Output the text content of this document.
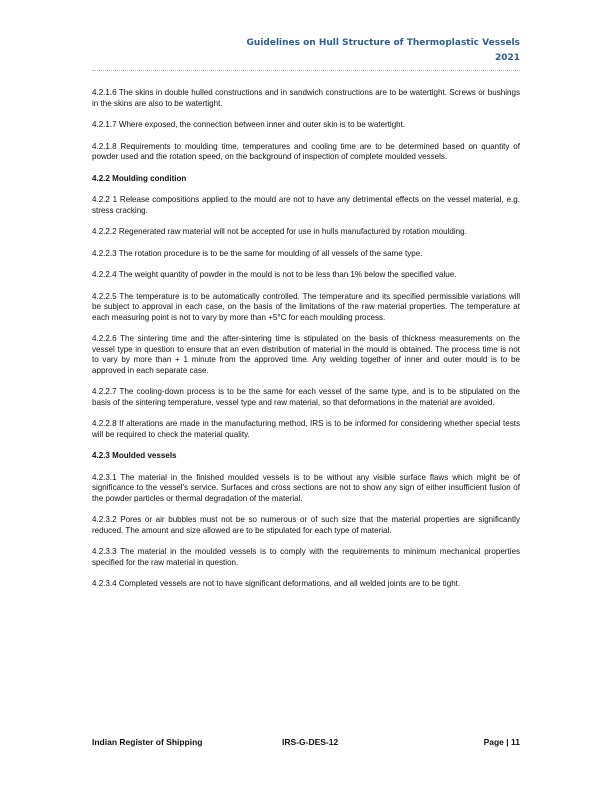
Guidelines on Hull Structure of Thermoplastic Vessels
2021

4.2.1.6 The skins in double hulled constructions and in sandwich constructions are to be watertight. Screws or bushings in the skins are also to be watertight.

4.2.1.7 Where exposed, the connection between inner and outer skin is to be watertight.

4.2.1.8 Requirements to moulding time, temperatures and cooling time are to be determined based on quantity of powder used and the rotation speed, on the background of inspection of complete moulded vessels.

4.2.2 Moulding condition

4.2.2 1 Release compositions applied to the mould are not to have any detrimental effects on the vessel material, e.g. stress cracking.

4.2.2.2 Regenerated raw material will not be accepted for use in hulls manufactured by rotation moulding.

4.2.2.3 The rotation procedure is to be the same for moulding of all vessels of the same type.

4.2.2.4 The weight quantity of powder in the mould is not to be less than 1% below the specified value.

4.2.2.5 The temperature is to be automatically controlled. The temperature and its specified permissible variations will be subject to approval in each case, on the basis of the limitations of the raw material properties. The temperature at each measuring point is not to vary by more than +5°C for each moulding process.

4.2.2.6 The sintering time and the after-sintering time is stipulated on the basis of thickness measurements on the vessel type in question to ensure that an even distribution of material in the mould is obtained. The process time is not to vary by more than + 1 minute from the approved time. Any welding together of inner and outer mould is to be approved in each separate case.

4.2.2.7 The cooling-down process is to be the same for each vessel of the same type, and is to be stipulated on the basis of the sintering temperature, vessel type and raw material, so that deformations in the material are avoided.

4.2.2.8 If alterations are made in the manufacturing method, IRS is to be informed for considering whether special tests will be required to check the material quality.

4.2.3 Moulded vessels

4.2.3.1 The material in the finished moulded vessels is to be without any visible surface flaws which might be of significance to the vessel's service. Surfaces and cross sections are not to show any sign of either insufficient fusion of the powder particles or thermal degradation of the material.

4.2.3.2 Pores or air bubbles must not be so numerous or of such size that the material properties are significantly reduced. The amount and size allowed are to be stipulated for each type of material.

4.2.3.3 The material in the moulded vessels is to comply with the requirements to minimum mechanical properties specified for the raw material in question.

4.2.3.4 Completed vessels are not to have significant deformations, and all welded joints are to be tight.

Indian Register of Shipping	IRS-G-DES-12	Page | 11
